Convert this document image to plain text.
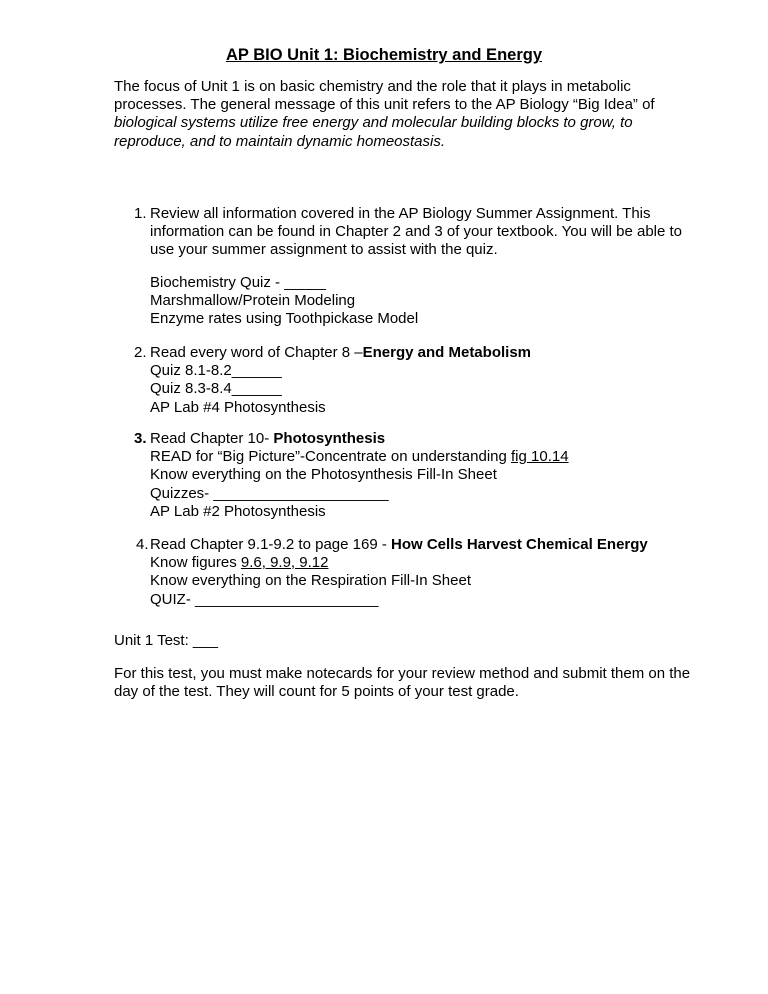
AP BIO Unit 1: Biochemistry and Energy
The focus of Unit 1 is on basic chemistry and the role that it plays in metabolic
processes. The general message of this unit refers to the AP Biology “Big Idea” of
biological systems utilize free energy and molecular building blocks to grow, to
reproduce, and to maintain dynamic homeostasis.
1. Review all information covered in the AP Biology Summer Assignment. This
information can be found in Chapter 2 and 3 of your textbook. You will be able to
use your summer assignment to assist with the quiz.
Biochemistry Quiz - _____
Marshmallow/Protein Modeling
Enzyme rates using Toothpickase Model
2. Read every word of Chapter 8 –Energy and Metabolism
Quiz 8.1-8.2______
Quiz 8.3-8.4______
AP Lab #4 Photosynthesis
3. Read Chapter 10- Photosynthesis
READ for “Big Picture”-Concentrate on understanding fig 10.14
Know everything on the Photosynthesis Fill-In Sheet
Quizzes- _____________________
AP Lab #2 Photosynthesis
4. Read Chapter 9.1-9.2 to page 169 - How Cells Harvest Chemical Energy
Know figures 9.6, 9.9, 9.12
Know everything on the Respiration Fill-In Sheet
QUIZ- ______________________
Unit 1 Test: ___
For this test, you must make notecards for your review method and submit them on the
day of the test. They will count for 5 points of your test grade.
